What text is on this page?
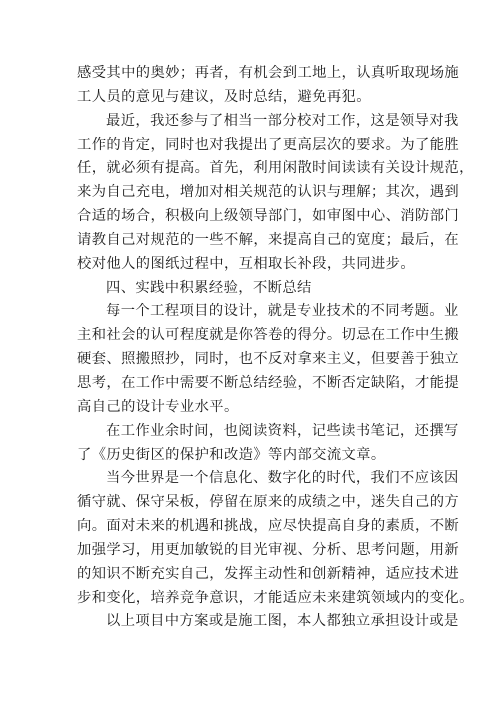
感受其中的奥妙；再者，有机会到工地上，认真听取现场施
工人员的意见与建议，及时总结，避免再犯。
最近，我还参与了相当一部分校对工作，这是领导对我
工作的肯定，同时也对我提出了更高层次的要求。为了能胜
任，就必须有提高。首先，利用闲散时间读读有关设计规范，
来为自己充电，增加对相关规范的认识与理解；其次，遇到
合适的场合，积极向上级领导部门，如审图中心、消防部门
请教自己对规范的一些不解，来提高自己的宽度；最后，在
校对他人的图纸过程中，互相取长补段，共同进步。
四、实践中积累经验，不断总结
每一个工程项目的设计，就是专业技术的不同考题。业
主和社会的认可程度就是你答卷的得分。切忌在工作中生搬
硬套、照搬照抄，同时，也不反对拿来主义，但要善于独立
思考，在工作中需要不断总结经验，不断否定缺陷，才能提
高自己的设计专业水平。
在工作业余时间，也阅读资料，记些读书笔记，还撰写
了《历史街区的保护和改造》等内部交流文章。
当今世界是一个信息化、数字化的时代，我们不应该因
循守就、保守呆板，停留在原来的成绩之中，迷失自己的方
向。面对未来的机遇和挑战，应尽快提高自身的素质，不断
加强学习，用更加敏锐的目光审视、分析、思考问题，用新
的知识不断充实自己，发挥主动性和创新精神，适应技术进
步和变化，培养竞争意识，才能适应未来建筑领域内的变化。
以上项目中方案或是施工图，本人都独立承担设计或是
